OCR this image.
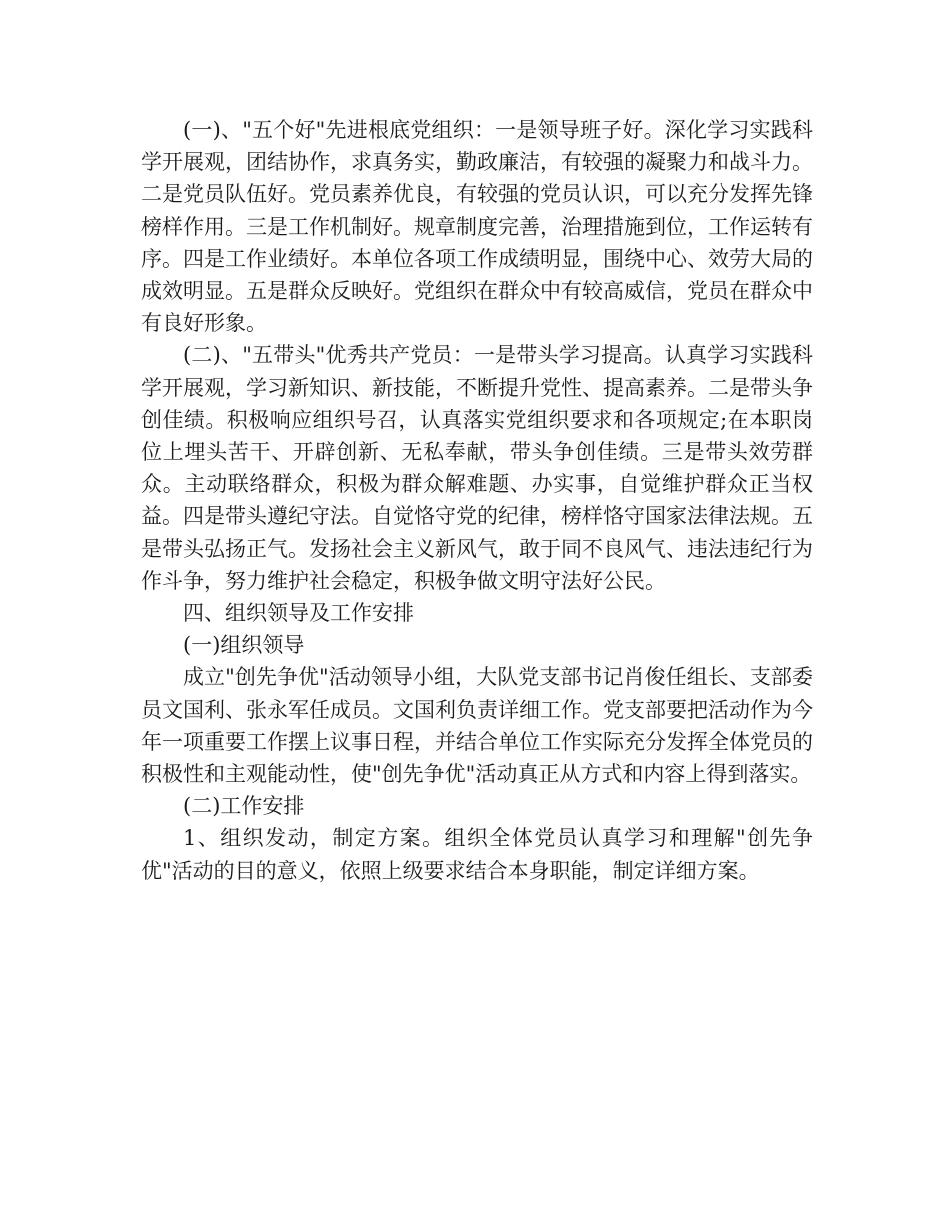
(一)、"五个好"先进根底党组织：一是领导班子好。深化学习实践科学开展观，团结协作，求真务实，勤政廉洁，有较强的凝聚力和战斗力。二是党员队伍好。党员素养优良，有较强的党员认识，可以充分发挥先锋榜样作用。三是工作机制好。规章制度完善，治理措施到位，工作运转有序。四是工作业绩好。本单位各项工作成绩明显，围绕中心、效劳大局的成效明显。五是群众反映好。党组织在群众中有较高威信，党员在群众中有良好形象。

(二)、"五带头"优秀共产党员：一是带头学习提高。认真学习实践科学开展观，学习新知识、新技能，不断提升党性、提高素养。二是带头争创佳绩。积极响应组织号召，认真落实党组织要求和各项规定;在本职岗位上埋头苦干、开辟创新、无私奉献，带头争创佳绩。三是带头效劳群众。主动联络群众，积极为群众解难题、办实事，自觉维护群众正当权益。四是带头遵纪守法。自觉恪守党的纪律，榜样恪守国家法律法规。五是带头弘扬正气。发扬社会主义新风气，敢于同不良风气、违法违纪行为作斗争，努力维护社会稳定，积极争做文明守法好公民。

四、组织领导及工作安排

(一)组织领导

成立"创先争优"活动领导小组，大队党支部书记肖俊任组长、支部委员文国利、张永军任成员。文国利负责详细工作。党支部要把活动作为今年一项重要工作摆上议事日程，并结合单位工作实际充分发挥全体党员的积极性和主观能动性，使"创先争优"活动真正从方式和内容上得到落实。

(二)工作安排

1、组织发动，制定方案。组织全体党员认真学习和理解"创先争优"活动的目的意义，依照上级要求结合本身职能，制定详细方案。
